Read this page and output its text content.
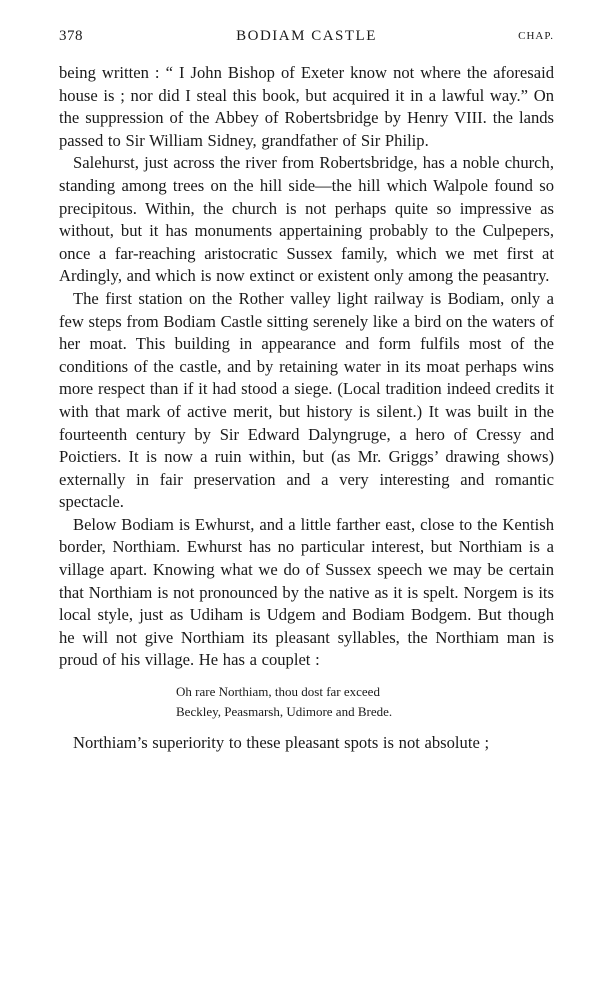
378	BODIAM CASTLE	CHAP.

being written : “ I John Bishop of Exeter know not where the aforesaid house is ; nor did I steal this book, but acquired it in a lawful way.” On the suppression of the Abbey of Robertsbridge by Henry VIII. the lands passed to Sir William Sidney, grandfather of Sir Philip.

Salehurst, just across the river from Robertsbridge, has a noble church, standing among trees on the hill side—the hill which Walpole found so precipitous. Within, the church is not perhaps quite so impressive as without, but it has monuments appertaining probably to the Culpepers, once a far-reaching aristocratic Sussex family, which we met first at Ardingly, and which is now extinct or existent only among the peasantry.

The first station on the Rother valley light railway is Bodiam, only a few steps from Bodiam Castle sitting serenely like a bird on the waters of her moat. This building in appearance and form fulfils most of the conditions of the castle, and by retaining water in its moat perhaps wins more respect than if it had stood a siege. (Local tradition indeed credits it with that mark of active merit, but history is silent.) It was built in the fourteenth century by Sir Edward Dalyngruge, a hero of Cressy and Poictiers. It is now a ruin within, but (as Mr. Griggs’ drawing shows) externally in fair preservation and a very interesting and romantic spectacle.

Below Bodiam is Ewhurst, and a little farther east, close to the Kentish border, Northiam. Ewhurst has no particular interest, but Northiam is a village apart. Knowing what we do of Sussex speech we may be certain that Northiam is not pronounced by the native as it is spelt. Norgem is its local style, just as Udiham is Udgem and Bodiam Bodgem. But though he will not give Northiam its pleasant syllables, the Northiam man is proud of his village. He has a couplet :

Oh rare Northiam, thou dost far exceed
Beckley, Peasmarsh, Udimore and Brede.

Northiam’s superiority to these pleasant spots is not absolute ;
